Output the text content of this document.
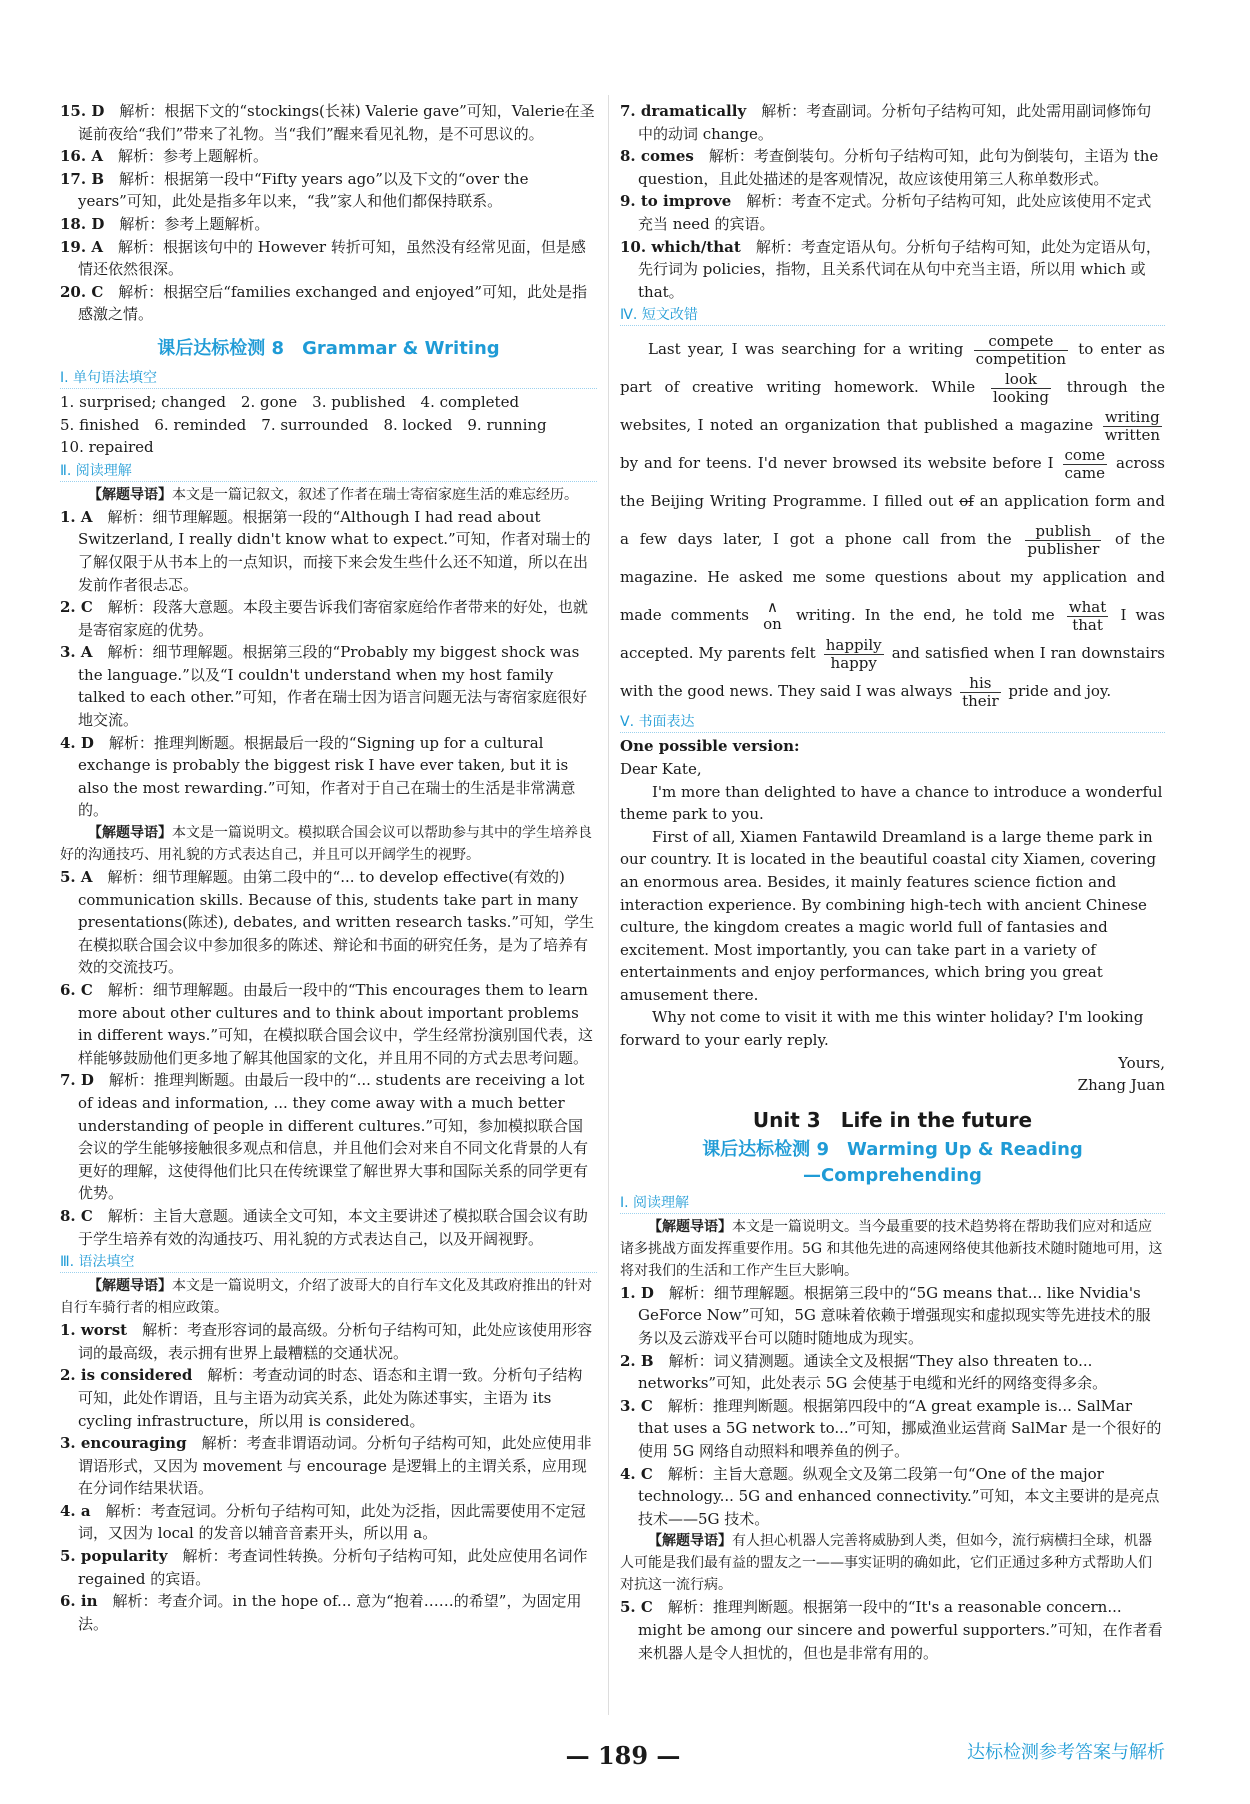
15. D　 解析：根据下文的“stockings(长袜) Valerie gave”可知，Valerie在圣诞前夜给“我们”带来了礼物。当“我们”醒来看见礼物，是不可思议的。

16. A　 解析：参考上题解析。

17. B　 解析：根据第一段中“Fifty years ago”以及下文的“over the years”可知，此处是指多年以来，“我”家人和他们都保持联系。

18. D　 解析：参考上题解析。

19. A　 解析：根据该句中的 However 转折可知，虽然没有经常见面，但是感情还依然很深。

20. C　 解析：根据空后“families exchanged and enjoyed”可知，此处是指感激之情。

课后达标检测 8　Grammar & Writing
Ⅰ. 单句语法填空

1. surprised; changed　2. gone　3. published　4. completed

5. finished　6. reminded　7. surrounded　8. locked　9. running

10. repaired

Ⅱ. 阅读理解

【解题导语】本文是一篇记叙文，叙述了作者在瑞士寄宿家庭生活的难忘经历。

1. A　 解析：细节理解题。根据第一段的“Although I had read about Switzerland, I really didn't know what to expect.”可知，作者对瑞士的了解仅限于从书本上的一点知识，而接下来会发生些什么还不知道，所以在出发前作者很忐忑。

2. C　 解析：段落大意题。本段主要告诉我们寄宿家庭给作者带来的好处，也就是寄宿家庭的优势。

3. A　 解析：细节理解题。根据第三段的“Probably my biggest shock was the language.”以及“I couldn't understand when my host family talked to each other.”可知，作者在瑞士因为语言问题无法与寄宿家庭很好地交流。

4. D　 解析：推理判断题。根据最后一段的“Signing up for a cultural exchange is probably the biggest risk I have ever taken, but it is also the most rewarding.”可知，作者对于自己在瑞士的生活是非常满意的。

【解题导语】本文是一篇说明文。模拟联合国会议可以帮助参与其中的学生培养良好的沟通技巧、用礼貌的方式表达自己，并且可以开阔学生的视野。

5. A　 解析：细节理解题。由第二段中的“... to develop effective(有效的) communication skills. Because of this, students take part in many presentations(陈述), debates, and written research tasks.”可知，学生在模拟联合国会议中参加很多的陈述、辩论和书面的研究任务，是为了培养有效的交流技巧。

6. C　 解析：细节理解题。由最后一段中的“This encourages them to learn more about other cultures and to think about important problems in different ways.”可知，在模拟联合国会议中，学生经常扮演别国代表，这样能够鼓励他们更多地了解其他国家的文化，并且用不同的方式去思考问题。

7. D　 解析：推理判断题。由最后一段中的“... students are receiving a lot of ideas and information, ... they come away with a much better understanding of people in different cultures.”可知，参加模拟联合国会议的学生能够接触很多观点和信息，并且他们会对来自不同文化背景的人有更好的理解，这使得他们比只在传统课堂了解世界大事和国际关系的同学更有优势。

8. C　 解析：主旨大意题。通读全文可知，本文主要讲述了模拟联合国会议有助于学生培养有效的沟通技巧、用礼貌的方式表达自己，以及开阔视野。

Ⅲ. 语法填空

【解题导语】本文是一篇说明文，介绍了波哥大的自行车文化及其政府推出的针对自行车骑行者的相应政策。

1. worst　 解析：考查形容词的最高级。分析句子结构可知，此处应该使用形容词的最高级，表示拥有世界上最糟糕的交通状况。

2. is considered　 解析：考查动词的时态、语态和主谓一致。分析句子结构可知，此处作谓语，且与主语为动宾关系，此处为陈述事实，主语为 its cycling infrastructure，所以用 is considered。

3. encouraging　 解析：考查非谓语动词。分析句子结构可知，此处应使用非谓语形式，又因为 movement 与 encourage 是逻辑上的主谓关系，应用现在分词作结果状语。

4. a　 解析：考查冠词。分析句子结构可知，此处为泛指，因此需要使用不定冠词，又因为 local 的发音以辅音音素开头，所以用 a。

5. popularity　 解析：考查词性转换。分析句子结构可知，此处应使用名词作 regained 的宾语。

6. in　 解析：考查介词。in the hope of... 意为“抱着……的希望”，为固定用法。

7. dramatically　 解析：考查副词。分析句子结构可知，此处需用副词修饰句中的动词 change。

8. comes　 解析：考查倒装句。分析句子结构可知，此句为倒装句，主语为 the question，且此处描述的是客观情况，故应该使用第三人称单数形式。

9. to improve　 解析：考查不定式。分析句子结构可知，此处应该使用不定式充当 need 的宾语。

10. which/that　 解析：考查定语从句。分析句子结构可知，此处为定语从句，先行词为 policies，指物，且关系代词在从句中充当主语，所以用 which 或 that。

Ⅳ. 短文改错

Last year, I was searching for a writing $\frac{\text{compete}}{\text{competition}}$ to enter as part of creative writing homework. While $\frac{\text{look}}{\text{looking}}$ through the websites, I noted an organization that published a magazine $\frac{\text{writing}}{\text{written}}$
by and for teens. I'd never browsed its website before I $\frac{\text{come}}{\text{came}}$ across the Beijing Writing Programme. I filled out of an application form and a few days later, I got a phone call from the $\frac{\text{publish}}{\text{publisher}}$ of the magazine. He asked me some questions about my application and made comments	∧
on writing. In the end, he told me $\frac{\text{what}}{\text{that}}$ I was accepted. My parents felt $\frac{\text{happily}}{\text{happy}}$ and satisfied when I ran downstairs with the good news. They said I was always $\frac{\text{his}}{\text{their}}$ pride and joy.

Ⅴ. 书面表达

One possible version:

Dear Kate,

I'm more than delighted to have a chance to introduce a wonderful theme park to you.

First of all, Xiamen Fantawild Dreamland is a large theme park in our country. It is located in the beautiful coastal city Xiamen, covering an enormous area. Besides, it mainly features science fiction and interaction experience. By combining high-tech with ancient Chinese culture, the kingdom creates a magic world full of fantasies and excitement. Most importantly, you can take part in a variety of entertainments and enjoy performances, which bring you great amusement there.

Why not come to visit it with me this winter holiday? I'm looking forward to your early reply.

Yours,

Zhang Juan

Unit 3　Life in the future
课后达标检测 9　Warming Up & Reading
—Comprehending
Ⅰ. 阅读理解

【解题导语】本文是一篇说明文。当今最重要的技术趋势将在帮助我们应对和适应诸多挑战方面发挥重要作用。5G 和其他先进的高速网络使其他新技术随时随地可用，这将对我们的生活和工作产生巨大影响。

1. D　 解析：细节理解题。根据第三段中的“5G means that... like Nvidia's GeForce Now”可知，5G 意味着依赖于增强现实和虚拟现实等先进技术的服务以及云游戏平台可以随时随地成为现实。

2. B　 解析：词义猜测题。通读全文及根据“They also threaten to... networks”可知，此处表示 5G 会使基于电缆和光纤的网络变得多余。

3. C　 解析：推理判断题。根据第四段中的“A great example is... SalMar that uses a 5G network to...”可知，挪威渔业运营商 SalMar 是一个很好的使用 5G 网络自动照料和喂养鱼的例子。

4. C　 解析：主旨大意题。纵观全文及第二段第一句“One of the major technology... 5G and enhanced connectivity.”可知，本文主要讲的是亮点技术——5G 技术。

【解题导语】有人担心机器人完善将威胁到人类，但如今，流行病横扫全球，机器人可能是我们最有益的盟友之一——事实证明的确如此，它们正通过多种方式帮助人们对抗这一流行病。

5. C　 解析：推理判断题。根据第一段中的“It's a reasonable concern... might be among our sincere and powerful supporters.”可知，在作者看来机器人是令人担忧的，但也是非常有用的。

— 189 —	达标检测参考答案与解析
